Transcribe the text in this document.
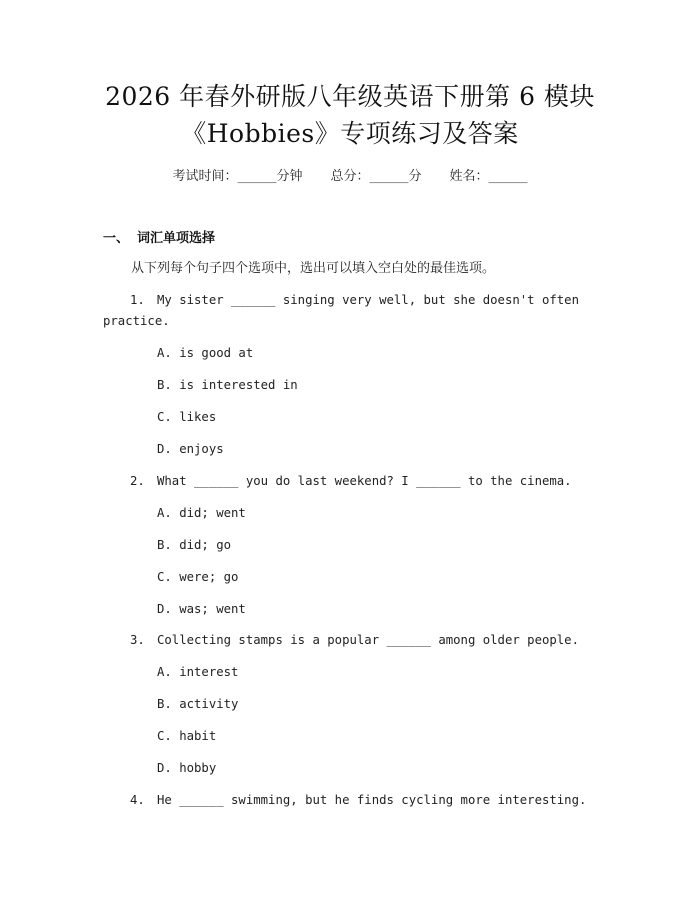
2026 年春外研版八年级英语下册第 6 模块
《Hobbies》专项练习及答案
考试时间：______分钟 总分：______分 姓名：______
一、 词汇单项选择
从下列每个句子四个选项中，选出可以填入空白处的最佳选项。
1. My sister ______ singing very well, but she doesn't often
practice.
A. is good at
B. is interested in
C. likes
D. enjoys
2. What ______ you do last weekend? I ______ to the cinema.
A. did; went
B. did; go
C. were; go
D. was; went
3. Collecting stamps is a popular ______ among older people.
A. interest
B. activity
C. habit
D. hobby
4. He ______ swimming, but he finds cycling more interesting.
